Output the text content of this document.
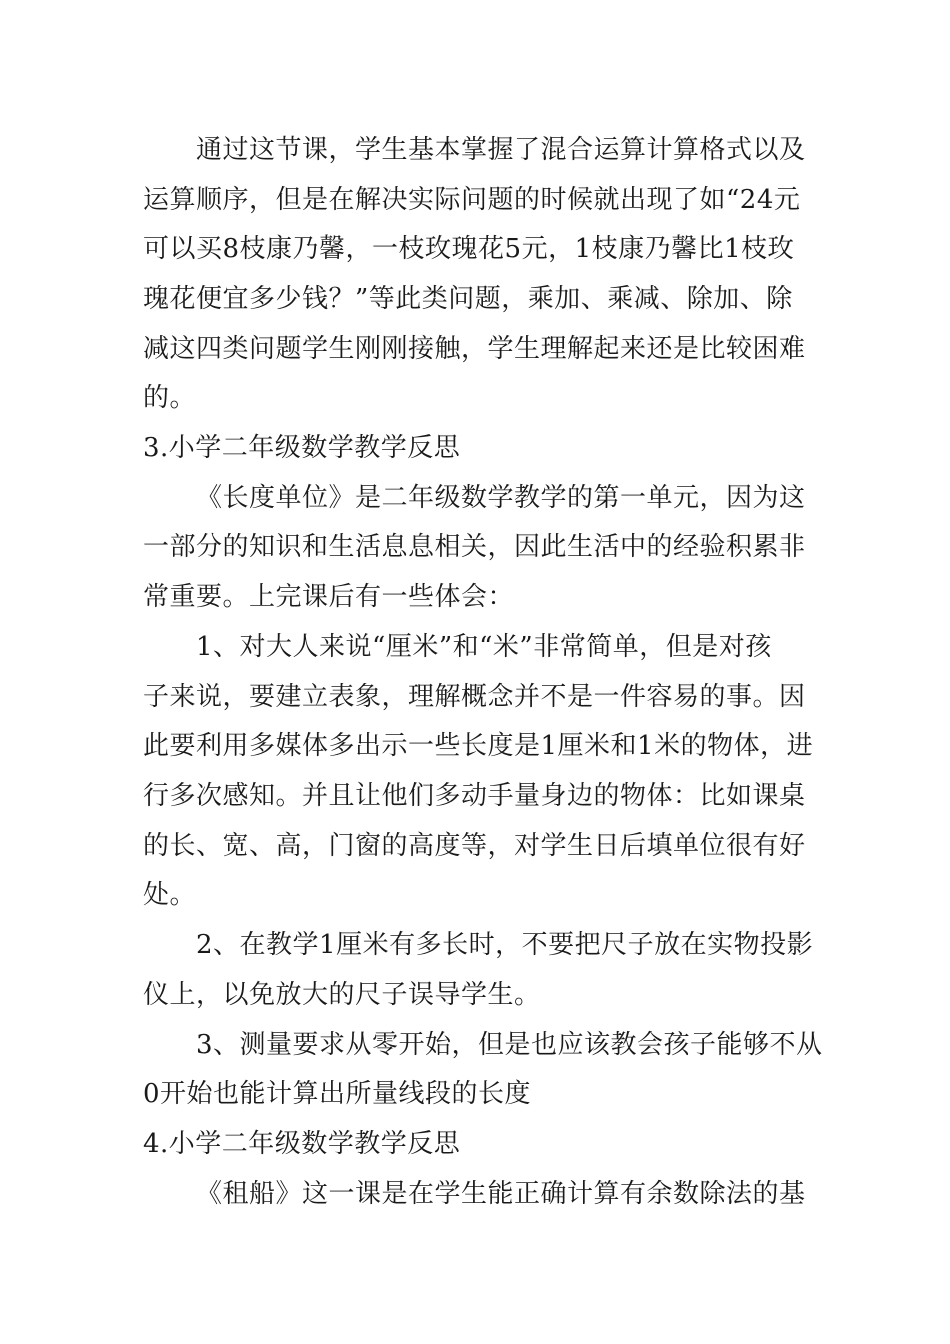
通过这节课，学生基本掌握了混合运算计算格式以及
运算顺序，但是在解决实际问题的时候就出现了如“24元
可以买8枝康乃馨，一枝玫瑰花5元，1枝康乃馨比1枝玫
瑰花便宜多少钱？”等此类问题，乘加、乘减、除加、除
减这四类问题学生刚刚接触，学生理解起来还是比较困难
的。
3.小学二年级数学教学反思
《长度单位》是二年级数学教学的第一单元，因为这
一部分的知识和生活息息相关，因此生活中的经验积累非
常重要。上完课后有一些体会：
1、对大人来说“厘米”和“米”非常简单，但是对孩
子来说，要建立表象，理解概念并不是一件容易的事。因
此要利用多媒体多出示一些长度是1厘米和1米的物体，进
行多次感知。并且让他们多动手量身边的物体：比如课桌
的长、宽、高，门窗的高度等，对学生日后填单位很有好
处。
2、在教学1厘米有多长时，不要把尺子放在实物投影
仪上，以免放大的尺子误导学生。
3、测量要求从零开始，但是也应该教会孩子能够不从
0开始也能计算出所量线段的长度
4.小学二年级数学教学反思
《租船》这一课是在学生能正确计算有余数除法的基
